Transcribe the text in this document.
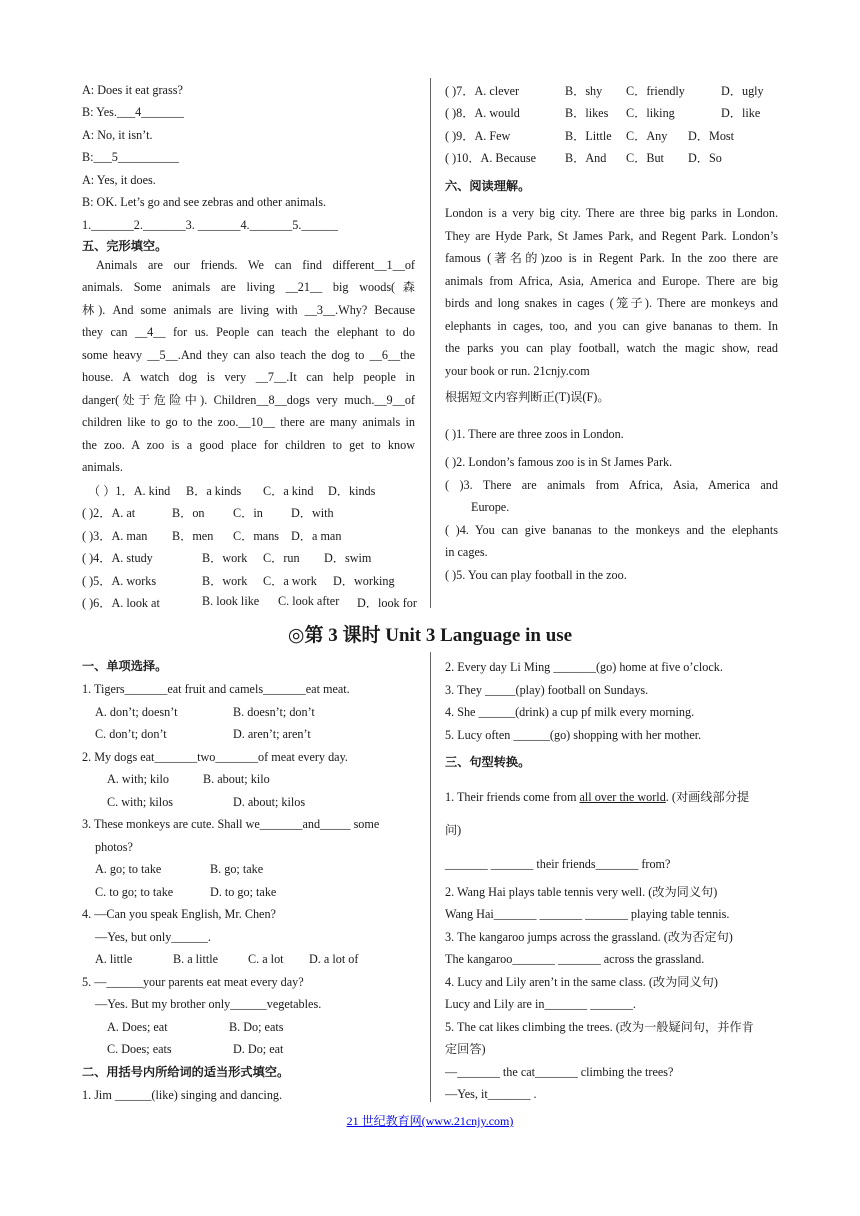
A: Does it eat grass?
B: Yes.___4_______
A: No, it isn’t.
B:___5__________
A: Yes, it does.
B: OK. Let’s go and see zebras and other animals.
1._______2._______3. _______4._______5.______
五、完形填空。
Animals are our friends. We can find different__1__of
animals. Some animals are living __21__ big woods(森
林). And some animals are living with __3__.Why? Because
they can __4__ for us. People can teach the elephant to do
some heavy __5__.And they can also teach the dog to __6__the
house. A watch dog is very __7__.It can help people in
danger(处于危险中). Children__8__dogs very much.__9__of
children like to go to the zoo.__10__ there are many animals in
the zoo. A zoo is a good place for children to get to know
animals.
（ ）1．A. kind B．a kinds C．a kind D．kinds
( )2．A. at	B．on C．in D．with
( )3．A. man B．men C．mans D．a man
( )4．A. study	B．work C．run D．swim
( )5．A. works	B．work C．a work D．working
( )6．A. look at	B. look like C. look after D．look for
( )7．A. clever	B．shy C．friendly	D．ugly
( )8．A. would	B．likes C．liking	D．like
( )9．A. Few	B．Little C．Any D．Most
( )10．A. Because B．And C．But D．So
六、阅读理解。
London is a very big city. There are three big parks in London.
They are Hyde Park, St James Park, and Regent Park. London’s
famous (著名的)zoo is in Regent Park. In the zoo there are
animals from Africa, Asia, America and Europe. There are big
birds and long snakes in cages (笼子). There are monkeys and
elephants in cages, too, and you can give bananas to them. In
the parks you can play football, watch the magic show, read
your book or run. 21cnjy.com
根据短文内容判断正(T)误(F)。
( )1. There are three zoos in London.
( )2. London’s famous zoo is in St James Park.
( )3. There are animals from Africa, Asia, America and
Europe.
( )4. You can give bananas to the monkeys and the elephants
in cages.
( )5. You can play football in the zoo.
◎第 3 课时 Unit 3 Language in use
一、单项选择。
1. Tigers_______eat fruit and camels_______eat meat.
A. don’t; doesn’t	B. doesn’t; don’t
C. don’t; don’t	D. aren’t; aren’t
2. My dogs eat_______two_______of meat every day.
A. with; kilo	B. about; kilo
C. with; kilos	D. about; kilos
3. These monkeys are cute. Shall we_______and_____ some
photos?
A. go; to take	B. go; take
C. to go; to take	D. to go; take
4. —Can you speak English, Mr. Chen?
—Yes, but only______.
A. little	B. a little C. a lot D. a lot of
5. —______your parents eat meat every day?
—Yes. But my brother only______vegetables.
A. Does; eat	B. Do; eats
C. Does; eats	D. Do; eat
二、用括号内所给词的适当形式填空。
1. Jim ______(like) singing and dancing.
2. Every day Li Ming _______(go) home at five o’clock.
3. They _____(play) football on Sundays.
4. She ______(drink) a cup pf milk every morning.
5. Lucy often ______(go) shopping with her mother.
三、句型转换。
1. Their friends come from all over the world. (对画线部分提
问)
_______ _______ their friends_______ from?
2. Wang Hai plays table tennis very well. (改为同义句)
Wang Hai_______ _______ _______ playing table tennis.
3. The kangaroo jumps across the grassland. (改为否定句)
The kangaroo_______ _______ across the grassland.
4. Lucy and Lily aren’t in the same class. (改为同义句)
Lucy and Lily are in_______ _______.
5. The cat likes climbing the trees. (改为一般疑问句，并作肯
定回答)
—_______ the cat_______ climbing the trees?
—Yes, it_______ .
21 世纪教育网(www.21cnjy.com)
